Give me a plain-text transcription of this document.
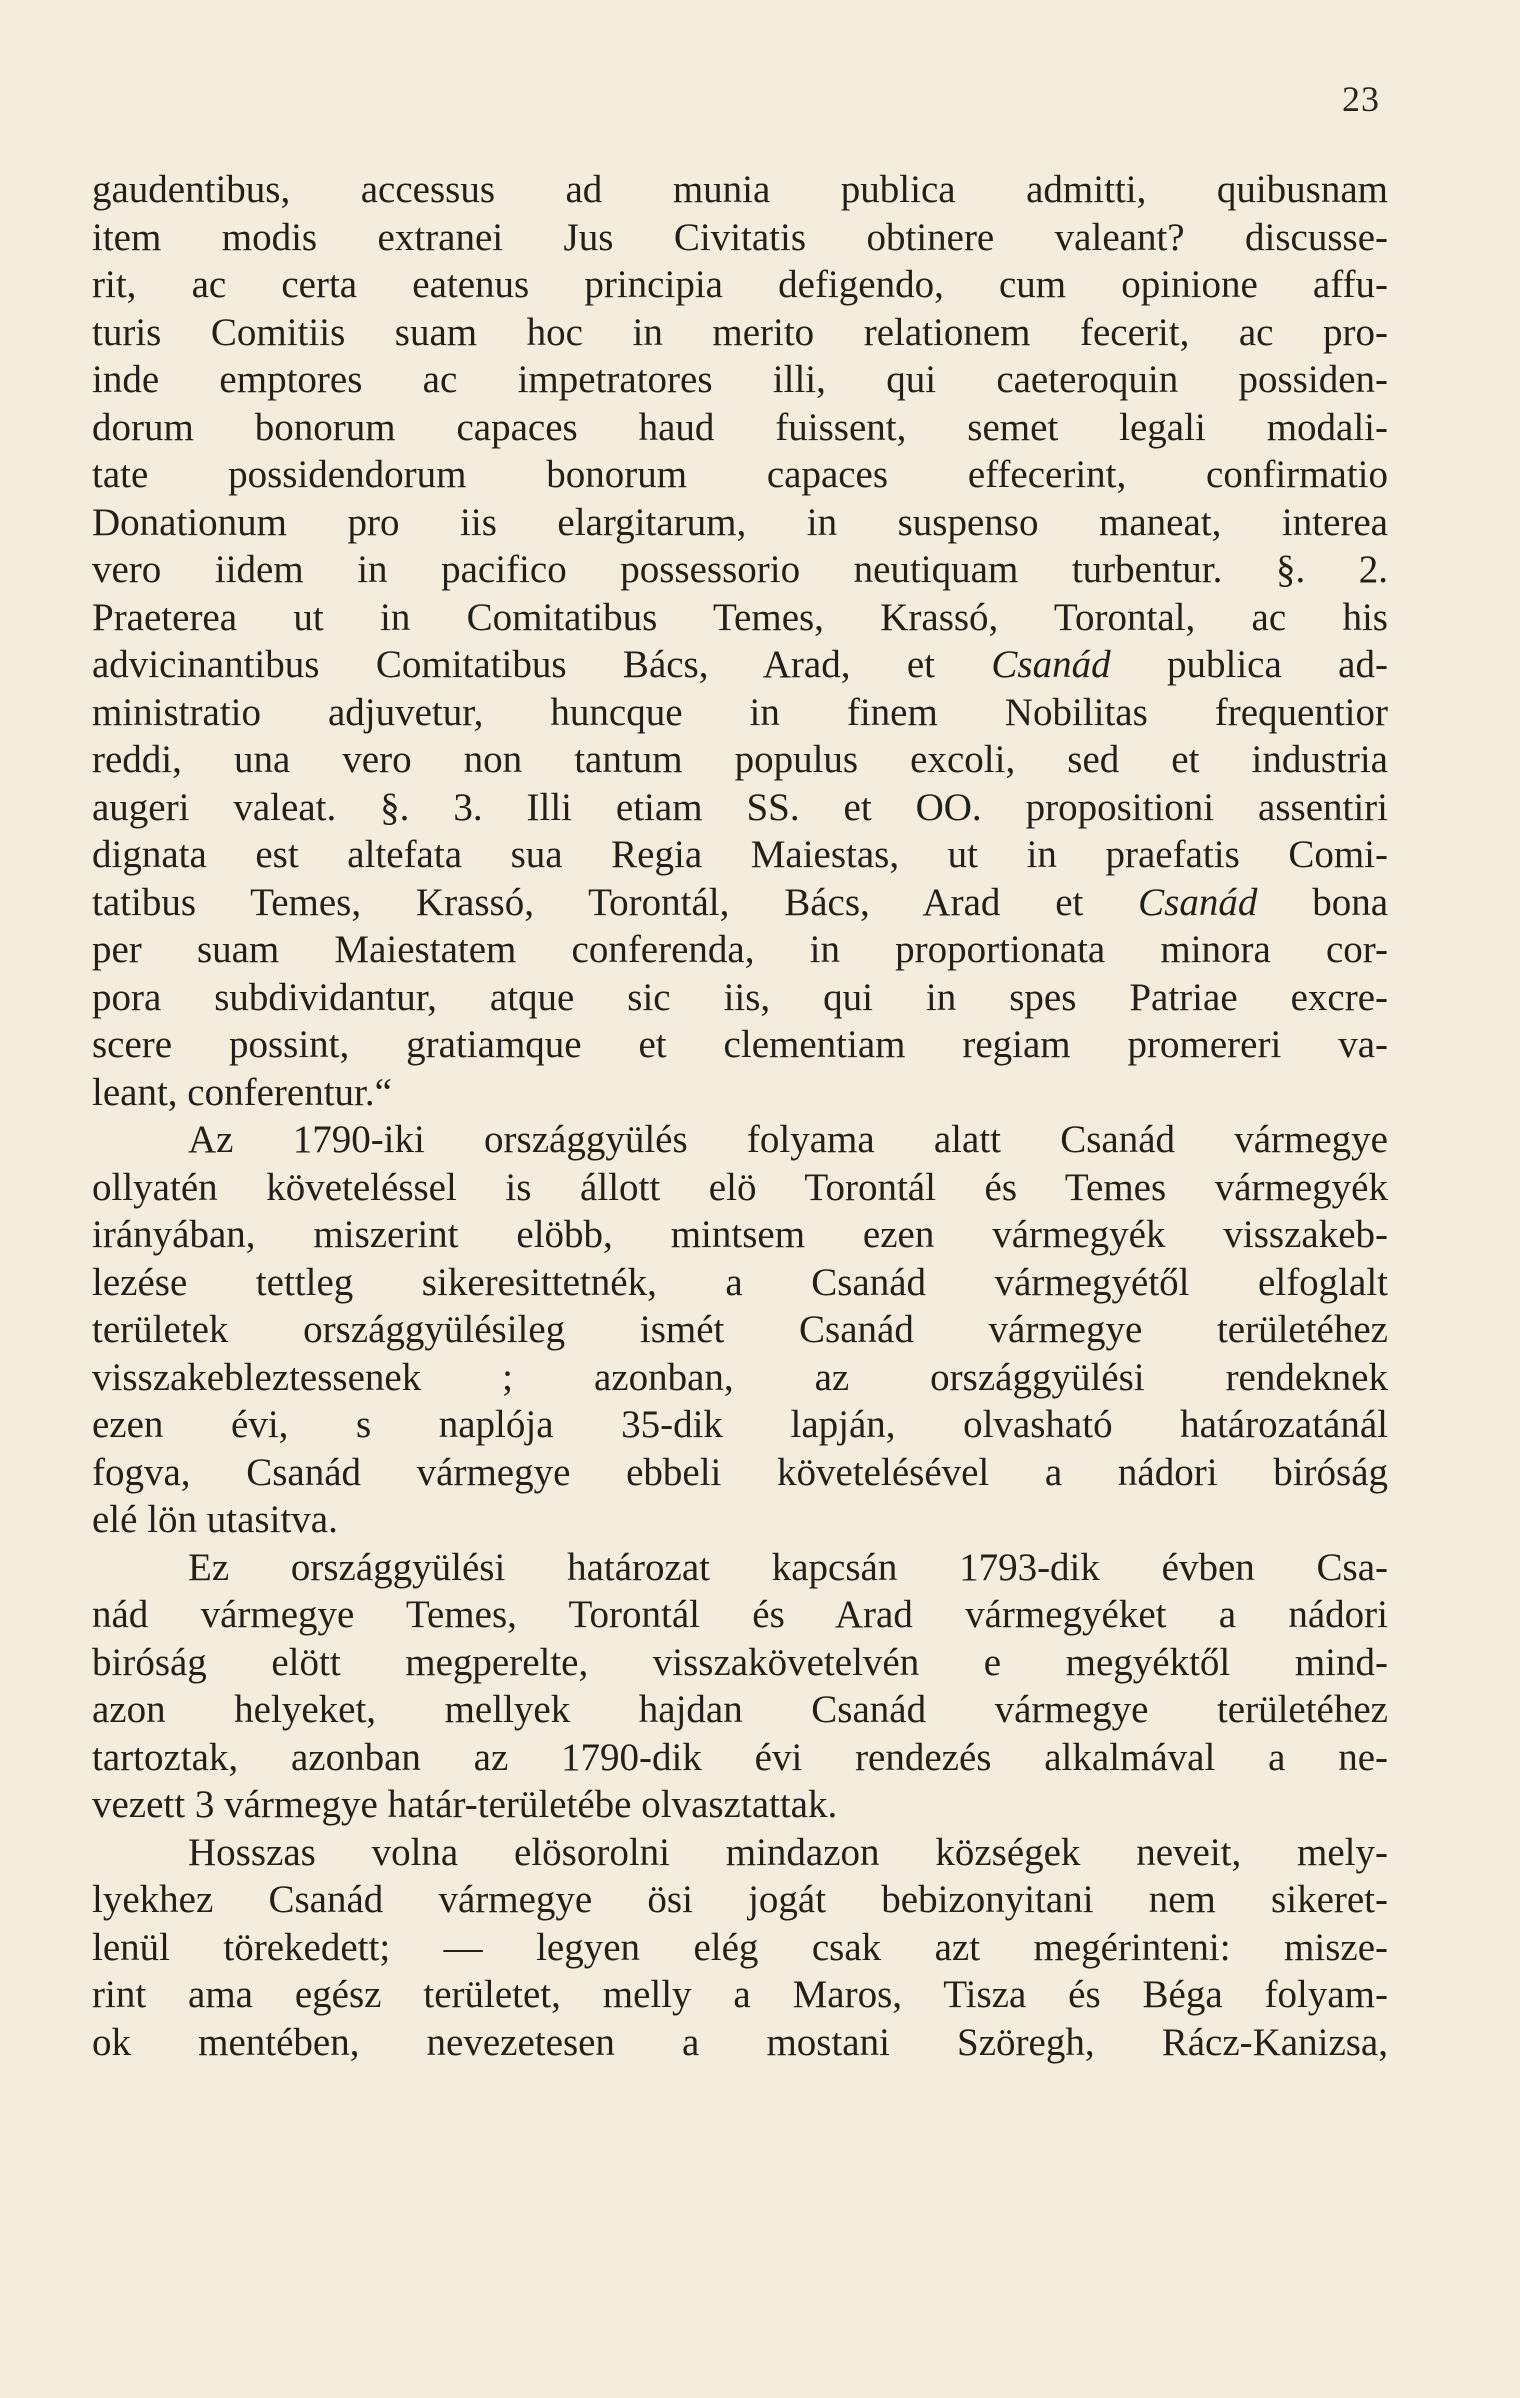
23
gaudentibus, accessus ad munia publica admitti, quibusnam
item modis extranei Jus Civitatis obtinere valeant? discusse-
rit, ac certa eatenus principia defigendo, cum opinione affu-
turis Comitiis suam hoc in merito relationem fecerit, ac pro-
inde emptores ac impetratores illi, qui caeteroquin possiden-
dorum bonorum capaces haud fuissent, semet legali modali-
tate possidendorum bonorum capaces effecerint, confirmatio
Donationum pro iis elargitarum, in suspenso maneat, interea
vero iidem in pacifico possessorio neutiquam turbentur. §. 2.
Praeterea ut in Comitatibus Temes, Krassó, Torontal, ac his
advicinantibus Comitatibus Bács, Arad, et Csanád publica ad-
ministratio adjuvetur, huncque in finem Nobilitas frequentior
reddi, una vero non tantum populus excoli, sed et industria
augeri valeat. §. 3. Illi etiam SS. et OO. propositioni assentiri
dignata est altefata sua Regia Maiestas, ut in praefatis Comi-
tatibus Temes, Krassó, Torontál, Bács, Arad et Csanád bona
per suam Maiestatem conferenda, in proportionata minora cor-
pora subdividantur, atque sic iis, qui in spes Patriae excre-
scere possint, gratiamque et clementiam regiam promereri va-
leant, conferentur.“
Az 1790-iki országgyülés folyama alatt Csanád vármegye
ollyatén követeléssel is állott elö Torontál és Temes vármegyék
irányában, miszerint elöbb, mintsem ezen vármegyék visszakeb-
lezése tettleg sikeresittetnék, a Csanád vármegyétől elfoglalt
területek országgyülésileg ismét Csanád vármegye területéhez
visszakebleztessenek ; azonban, az országgyülési rendeknek
ezen évi, s naplója 35-dik lapján, olvasható határozatánál
fogva, Csanád vármegye ebbeli követelésével a nádori biróság
elé lön utasitva.
Ez országgyülési határozat kapcsán 1793-dik évben Csa-
nád vármegye Temes, Torontál és Arad vármegyéket a nádori
biróság elött megperelte, visszakövetelvén e megyéktől mind-
azon helyeket, mellyek hajdan Csanád vármegye területéhez
tartoztak, azonban az 1790-dik évi rendezés alkalmával a ne-
vezett 3 vármegye határ-területébe olvasztattak.
Hosszas volna elösorolni mindazon községek neveit, mely-
lyekhez Csanád vármegye ösi jogát bebizonyitani nem sikeret-
lenül törekedett; — legyen elég csak azt megérinteni: misze-
rint ama egész területet, melly a Maros, Tisza és Béga folyam-
ok mentében, nevezetesen a mostani Szöregh, Rácz-Kanizsa,
